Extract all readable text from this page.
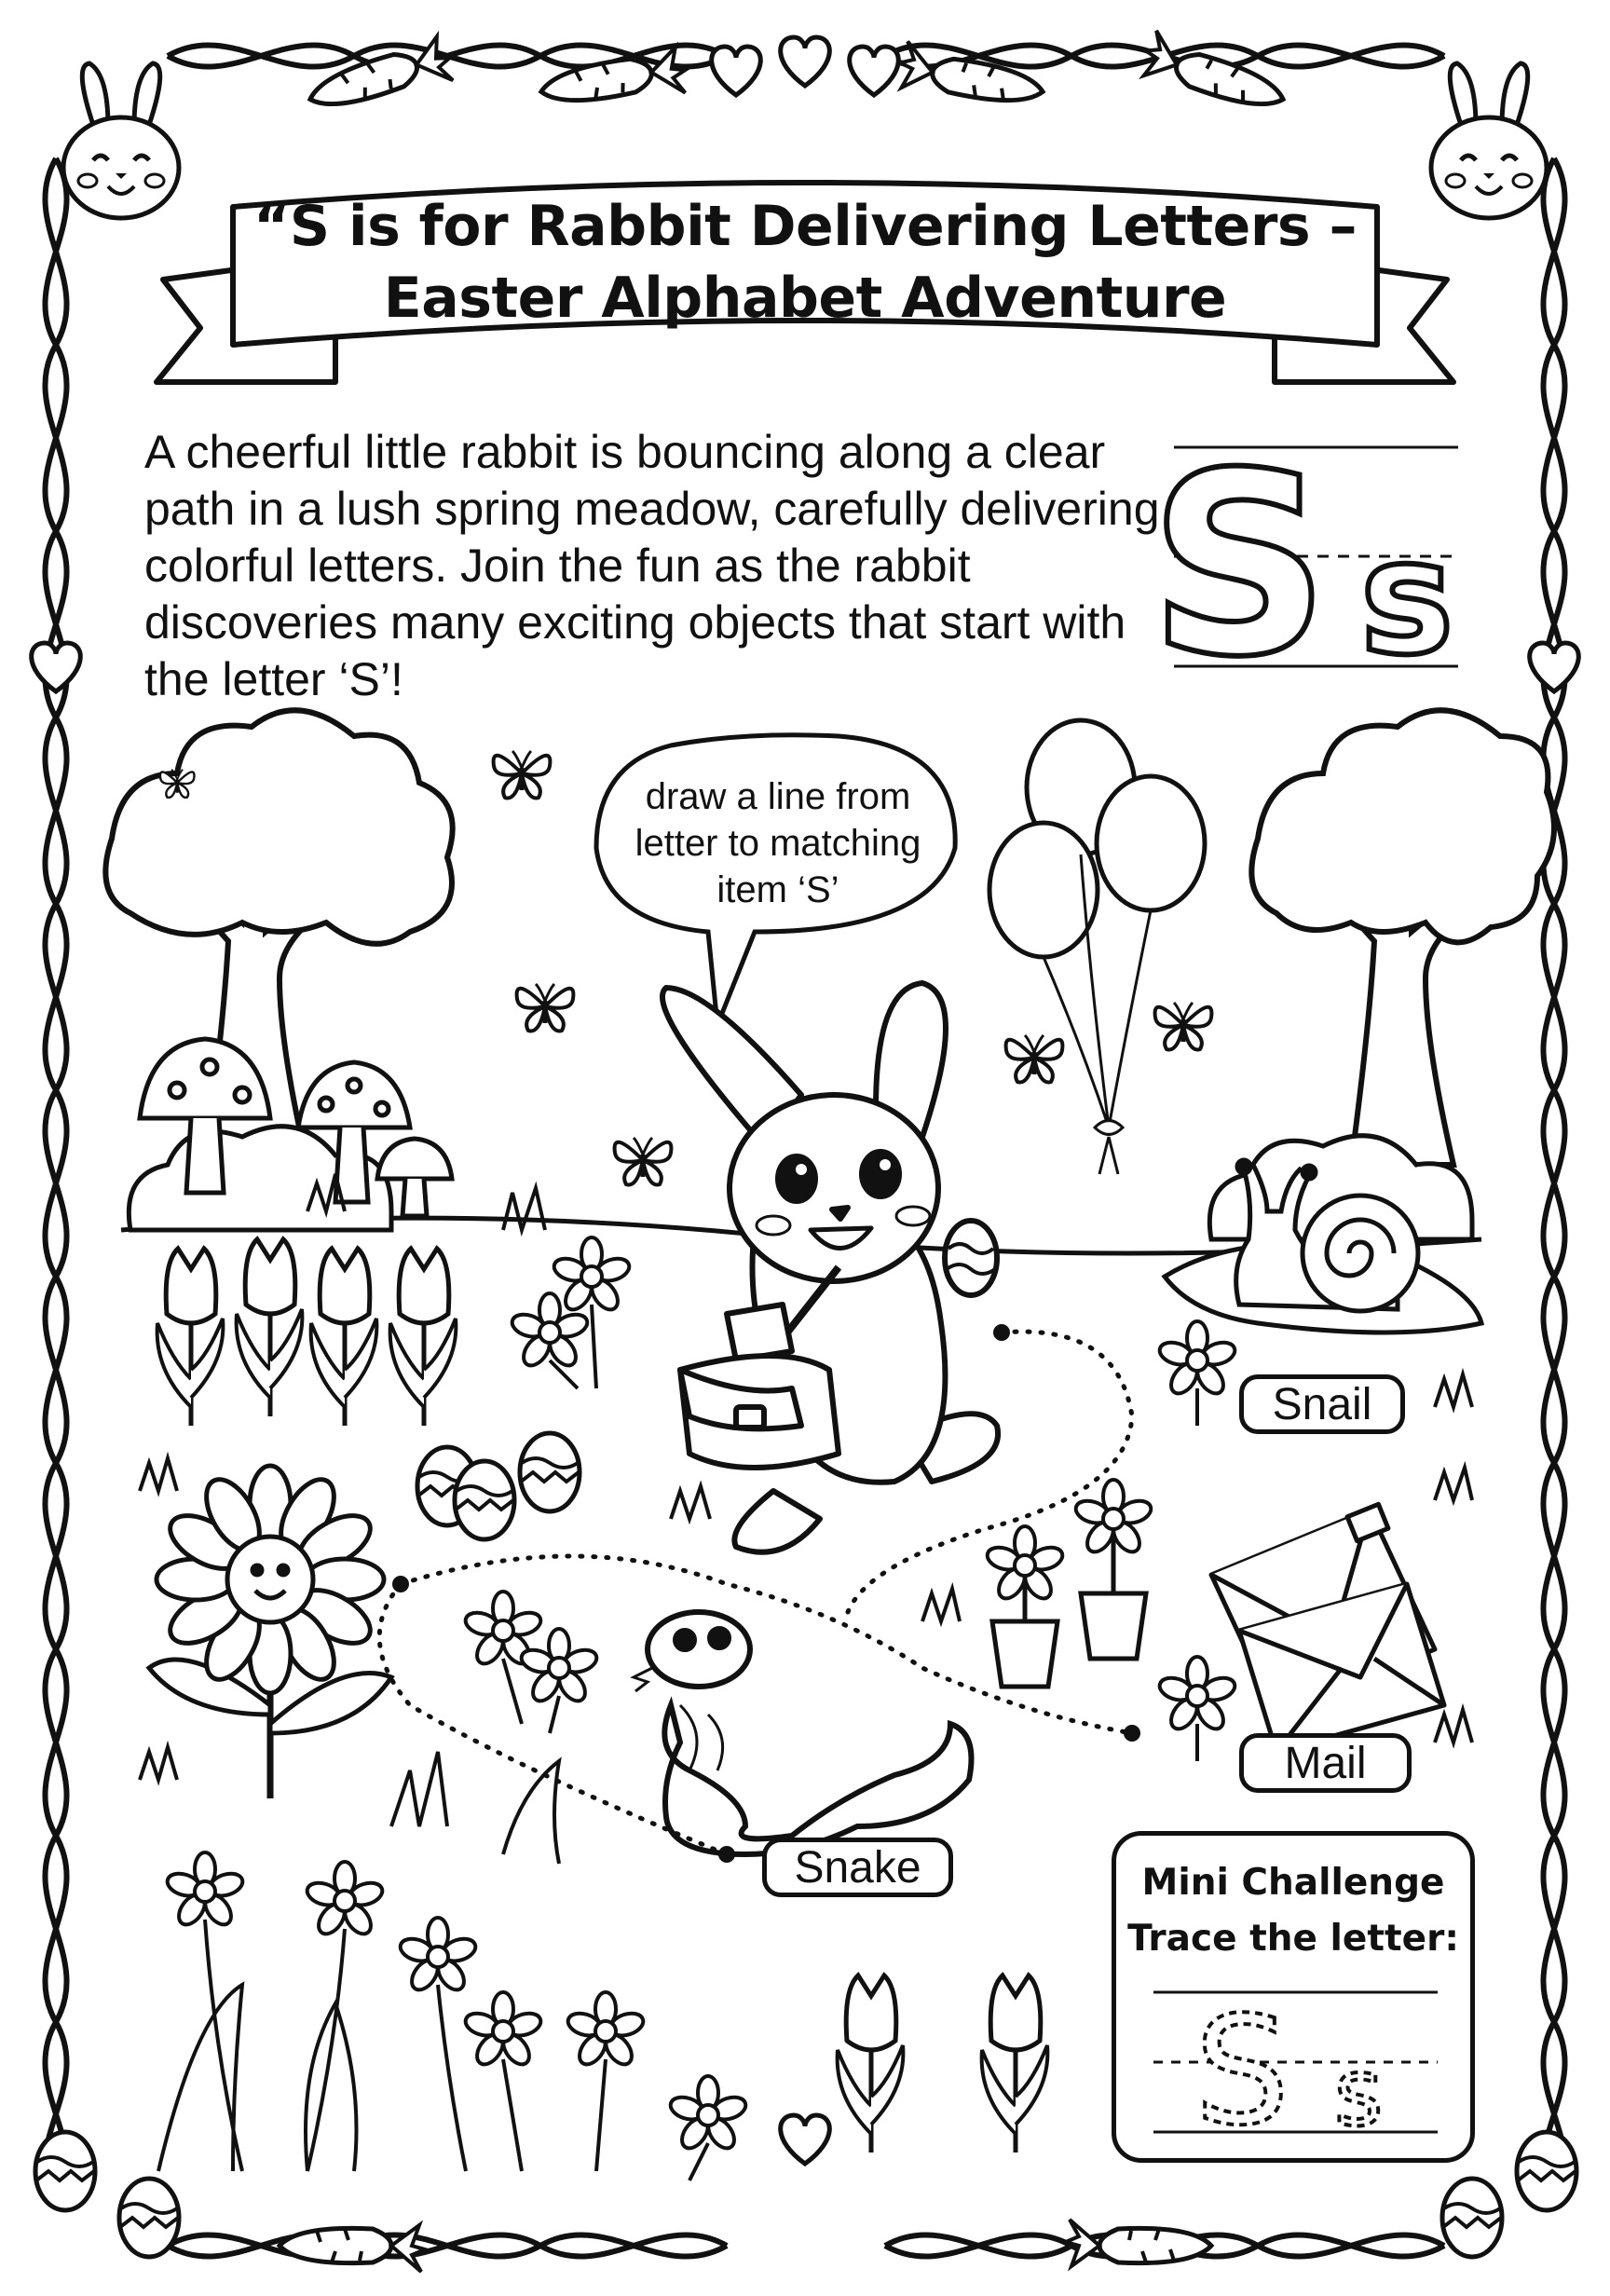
S s
“S is for Rabbit Delivering Letters –
Easter Alphabet Adventure

A cheerful little rabbit is bouncing along a clear path in a lush spring meadow, carefully delivering colorful letters. Join the fun as the rabbit discoveries many exciting objects that start with the letter ‘S’!

draw a line from letter to matching item ‘S’
Snail
Mail
Snake	Mini Challenge
Trace the letter:
S s
